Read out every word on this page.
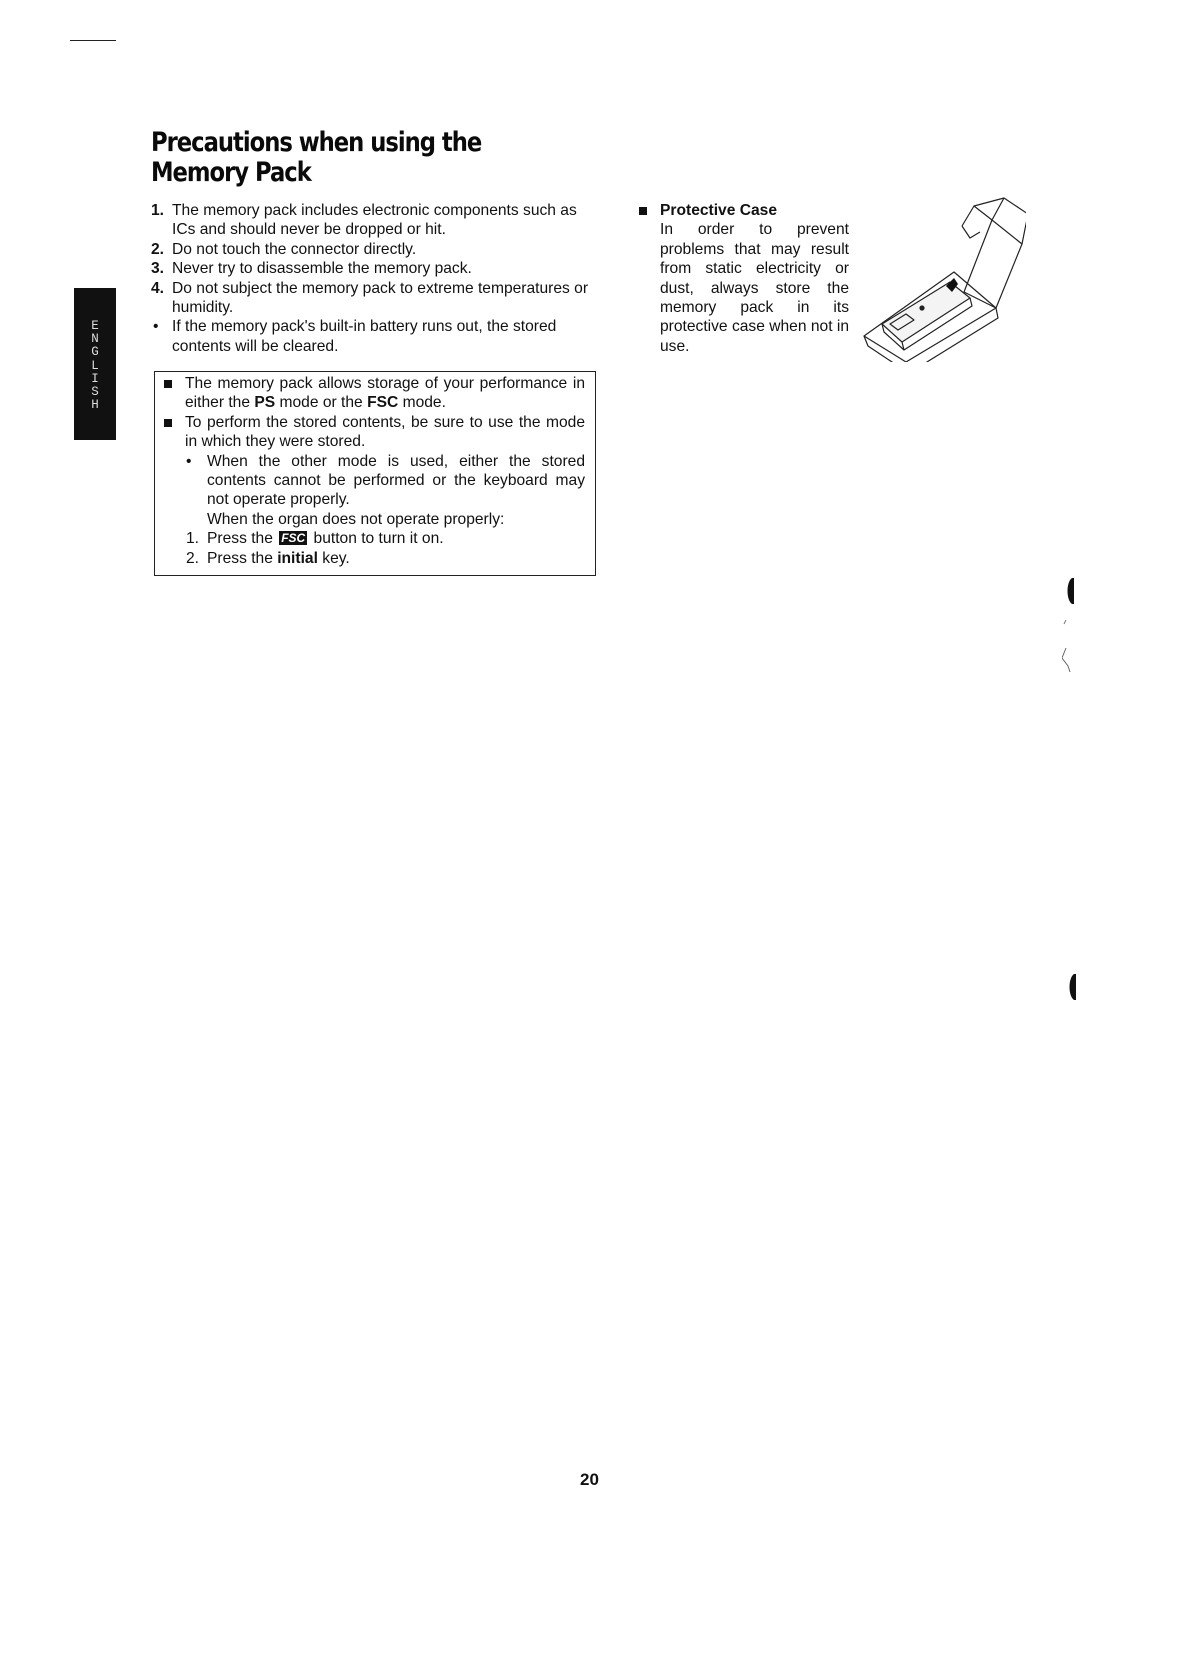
E
N
G
L
I
S
H
Precautions when using the Memory Pack
1. The memory pack includes electronic components such as ICs and should never be dropped or hit.
2. Do not touch the connector directly.
3. Never try to disassemble the memory pack.
4. Do not subject the memory pack to extreme temperatures or humidity.
• If the memory pack's built-in battery runs out, the stored contents will be cleared.
The memory pack allows storage of your performance in either the PS mode or the FSC mode.
To perform the stored contents, be sure to use the mode in which they were stored.
• When the other mode is used, either the stored contents cannot be performed or the keyboard may not operate properly.
When the organ does not operate properly:
1. Press the FSC button to turn it on.
2. Press the initial key.
Protective Case
In order to prevent problems that may result from static electricity or dust, always store the memory pack in its protective case when not in use.
20
